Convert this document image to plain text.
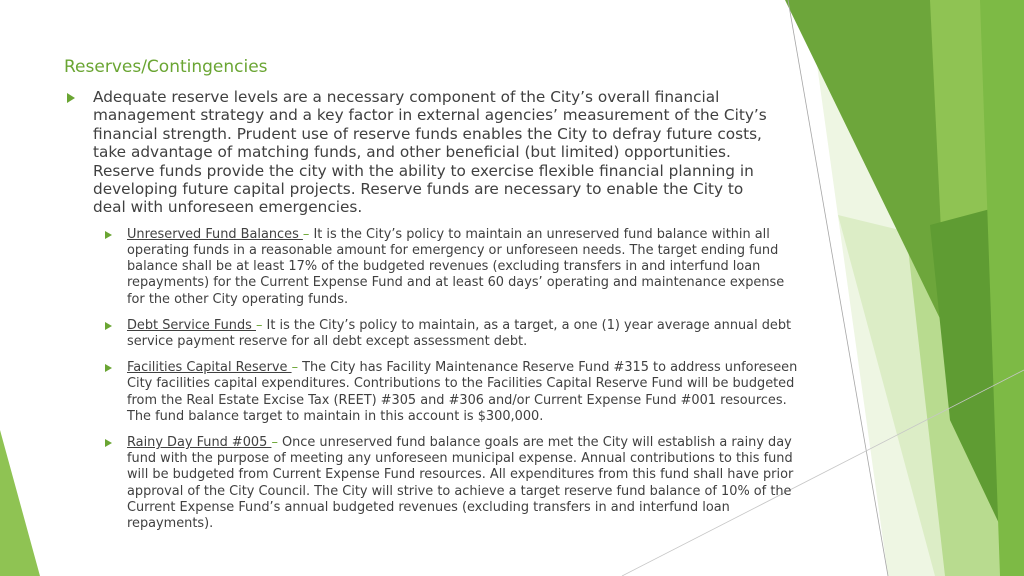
Reserves/Contingencies
Adequate reserve levels are a necessary component of the City’s overall financial management strategy and a key factor in external agencies’ measurement of the City’s financial strength. Prudent use of reserve funds enables the City to defray future costs, take advantage of matching funds, and other beneficial (but limited) opportunities. Reserve funds provide the city with the ability to exercise flexible financial planning in developing future capital projects. Reserve funds are necessary to enable the City to deal with unforeseen emergencies.
Unreserved Fund Balances – It is the City’s policy to maintain an unreserved fund balance within all operating funds in a reasonable amount for emergency or unforeseen needs. The target ending fund balance shall be at least 17% of the budgeted revenues (excluding transfers in and interfund loan repayments) for the Current Expense Fund and at least 60 days’ operating and maintenance expense for the other City operating funds.
Debt Service Funds – It is the City’s policy to maintain, as a target, a one (1) year average annual debt service payment reserve for all debt except assessment debt.
Facilities Capital Reserve – The City has Facility Maintenance Reserve Fund #315 to address unforeseen City facilities capital expenditures. Contributions to the Facilities Capital Reserve Fund will be budgeted from the Real Estate Excise Tax (REET) #305 and #306 and/or Current Expense Fund #001 resources. The fund balance target to maintain in this account is $300,000.
Rainy Day Fund #005 – Once unreserved fund balance goals are met the City will establish a rainy day fund with the purpose of meeting any unforeseen municipal expense. Annual contributions to this fund will be budgeted from Current Expense Fund resources. All expenditures from this fund shall have prior approval of the City Council. The City will strive to achieve a target reserve fund balance of 10% of the Current Expense Fund’s annual budgeted revenues (excluding transfers in and interfund loan repayments).
